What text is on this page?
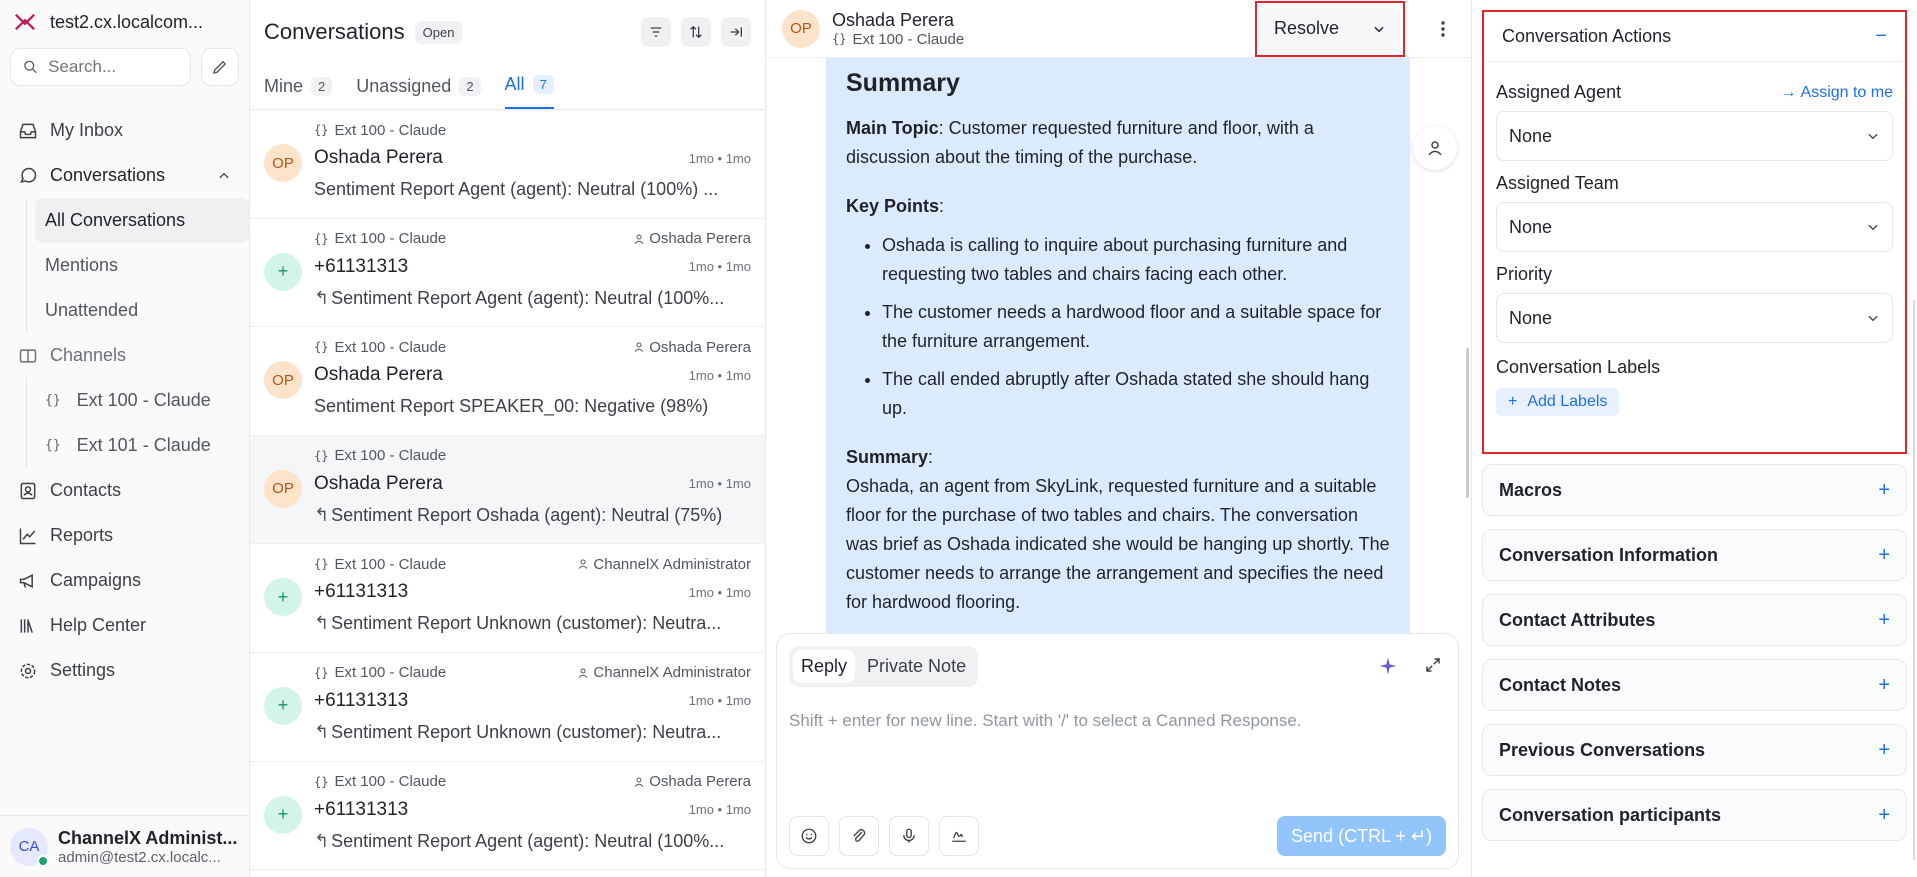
test2.cx.localcom...
Search...
My Inbox
Conversations
All Conversations
Mentions
Unattended
Channels
{} Ext 100 - Claude
{} Ext 101 - Claude
Contacts
Reports
Campaigns
Help Center
Settings
CA ChannelX Administ...
admin@test2.cx.localc...
Conversations	Open
Mine	2	Unassigned	2	All	7
OP
{} Ext 100 - Claude
Oshada Perera	1mo • 1mo
Sentiment Report Agent (agent): Neutral (100%) ...
+
{} Ext 100 - Claude	Oshada Perera
+61131313	1mo • 1mo
↰ Sentiment Report Agent (agent): Neutral (100%...
OP
{} Ext 100 - Claude	Oshada Perera
Oshada Perera	1mo • 1mo
Sentiment Report SPEAKER_00: Negative (98%)
OP
{} Ext 100 - Claude
Oshada Perera	1mo • 1mo
↰ Sentiment Report Oshada (agent): Neutral (75%)
+
{} Ext 100 - Claude	ChannelX Administrator
+61131313	1mo • 1mo
↰ Sentiment Report Unknown (customer): Neutra...
+
{} Ext 100 - Claude	ChannelX Administrator
+61131313	1mo • 1mo
↰ Sentiment Report Unknown (customer): Neutra...
+
{} Ext 100 - Claude	Oshada Perera
+61131313	1mo • 1mo
↰ Sentiment Report Agent (agent): Neutral (100%...
OP	Oshada Perera
{} Ext 100 - Claude
Resolve
Summary

Main Topic: Customer requested furniture and floor, with a discussion about the timing of the purchase.

Key Points:

• Oshada is calling to inquire about purchasing furniture and requesting two tables and chairs facing each other.
• The customer needs a hardwood floor and a suitable space for the furniture arrangement.
• The call ended abruptly after Oshada stated she should hang up.

Summary:

Oshada, an agent from SkyLink, requested furniture and a suitable floor for the purchase of two tables and chairs. The conversation was brief as Oshada indicated she would be hanging up shortly. The customer needs to arrange the arrangement and specifies the need for hardwood flooring.

Reply	Private Note
Shift + enter for new line. Start with '/' to select a Canned Response.
Send (CTRL + ↵)
Conversation Actions	−
Assigned Agent	→ Assign to me
None
Assigned Team
None
Priority
None
Conversation Labels
+ Add Labels
Macros	+
Conversation Information	+
Contact Attributes	+
Contact Notes	+
Previous Conversations	+
Conversation participants	+
